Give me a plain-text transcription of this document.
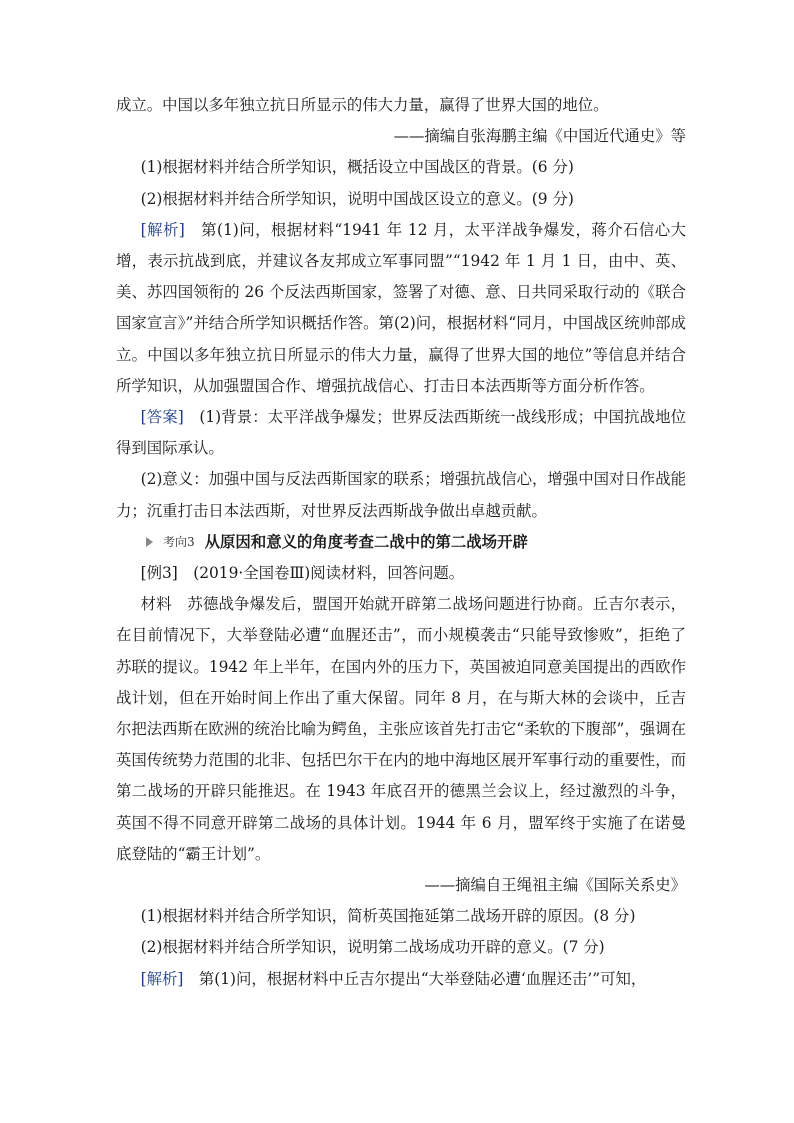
成立。中国以多年独立抗日所显示的伟大力量，赢得了世界大国的地位。

——摘编自张海鹏主编《中国近代通史》等

(1)根据材料并结合所学知识，概括设立中国战区的背景。(6 分)

(2)根据材料并结合所学知识，说明中国战区设立的意义。(9 分)

[解析]　第(1)问，根据材料“1941 年 12 月，太平洋战争爆发，蒋介石信心大增，表示抗战到底，并建议各友邦成立军事同盟”“1942 年 1 月 1 日，由中、英、美、苏四国领衔的 26 个反法西斯国家，签署了对德、意、日共同采取行动的《联合国家宣言》”并结合所学知识概括作答。第(2)问，根据材料“同月，中国战区统帅部成立。中国以多年独立抗日所显示的伟大力量，赢得了世界大国的地位”等信息并结合所学知识，从加强盟国合作、增强抗战信心、打击日本法西斯等方面分析作答。

[答案]　(1)背景：太平洋战争爆发；世界反法西斯统一战线形成；中国抗战地位得到国际承认。

(2)意义：加强中国与反法西斯国家的联系；增强抗战信心，增强中国对日作战能力；沉重打击日本法西斯，对世界反法西斯战争做出卓越贡献。

考向3 从原因和意义的角度考查二战中的第二战场开辟

[例3]　(2019·全国卷Ⅲ)阅读材料，回答问题。

材料　苏德战争爆发后，盟国开始就开辟第二战场问题进行协商。丘吉尔表示，在目前情况下，大举登陆必遭“血腥还击”，而小规模袭击“只能导致惨败”，拒绝了苏联的提议。1942 年上半年，在国内外的压力下，英国被迫同意美国提出的西欧作战计划，但在开始时间上作出了重大保留。同年 8 月，在与斯大林的会谈中，丘吉尔把法西斯在欧洲的统治比喻为鳄鱼，主张应该首先打击它“柔软的下腹部”，强调在英国传统势力范围的北非、包括巴尔干在内的地中海地区展开军事行动的重要性，而第二战场的开辟只能推迟。在 1943 年底召开的德黑兰会议上，经过激烈的斗争，英国不得不同意开辟第二战场的具体计划。1944 年 6 月，盟军终于实施了在诺曼底登陆的“霸王计划”。

——摘编自王绳祖主编《国际关系史》

(1)根据材料并结合所学知识，简析英国拖延第二战场开辟的原因。(8 分)

(2)根据材料并结合所学知识，说明第二战场成功开辟的意义。(7 分)

[解析]　第(1)问，根据材料中丘吉尔提出“大举登陆必遭‘血腥还击’”可知，
